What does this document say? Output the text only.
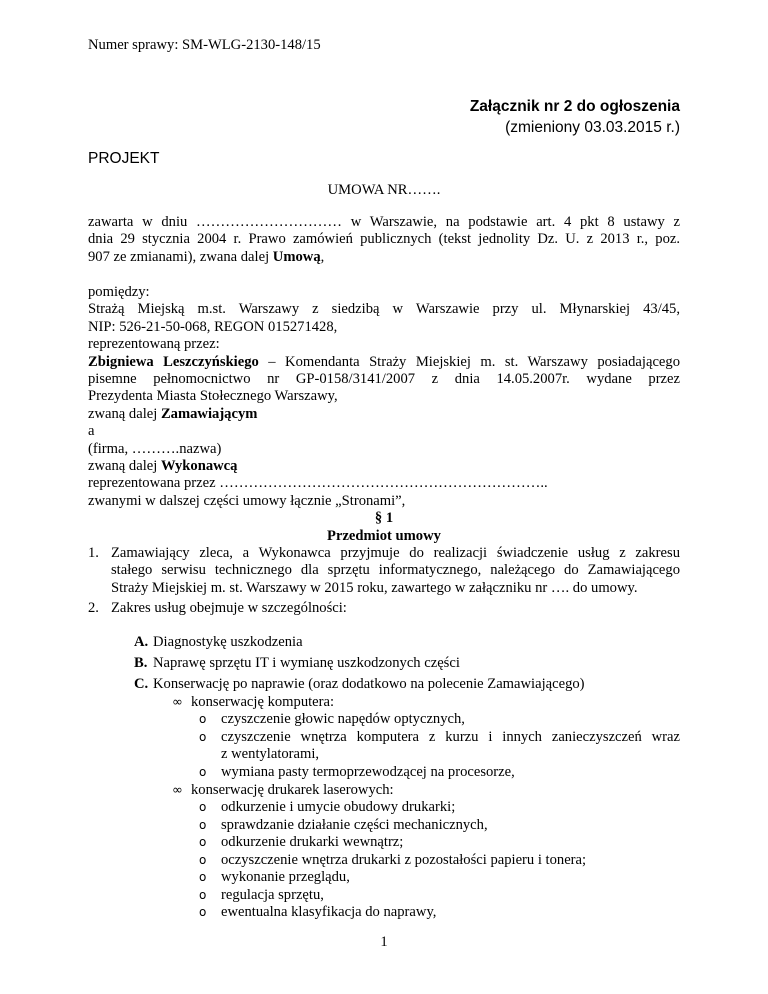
Numer sprawy: SM-WLG-2130-148/15
Załącznik nr 2 do ogłoszenia
(zmieniony 03.03.2015 r.)
PROJEKT
UMOWA NR…….
zawarta w dniu ………………………… w Warszawie, na podstawie art. 4 pkt 8 ustawy z
dnia 29 stycznia 2004 r. Prawo zamówień publicznych (tekst jednolity Dz. U. z 2013 r., poz.
907 ze zmianami), zwana dalej Umową,
pomiędzy:
Strażą Miejską m.st. Warszawy z siedzibą w Warszawie przy ul. Młynarskiej 43/45,
NIP: 526-21-50-068, REGON 015271428,
reprezentowaną przez:
Zbigniewa Leszczyńskiego – Komendanta Straży Miejskiej m. st. Warszawy posiadającego
pisemne pełnomocnictwo nr GP-0158/3141/2007 z dnia 14.05.2007r. wydane przez
Prezydenta Miasta Stołecznego Warszawy,
zwaną dalej Zamawiającym
a
(firma, ……….nazwa)
zwaną dalej Wykonawcą
reprezentowana przez …………………………………………………………..
zwanymi w dalszej części umowy łącznie „Stronami”,
§ 1
Przedmiot umowy
1. Zamawiający zleca, a Wykonawca przyjmuje do realizacji świadczenie usług z zakresu
stałego serwisu technicznego dla sprzętu informatycznego, należącego do Zamawiającego
Straży Miejskiej m. st. Warszawy w 2015 roku, zawartego w załączniku nr …. do umowy.
2. Zakres usług obejmuje w szczególności:
A. Diagnostykę uszkodzenia
B. Naprawę sprzętu IT i wymianę uszkodzonych części
C. Konserwację po naprawie (oraz dodatkowo na polecenie Zamawiającego)
∞ konserwację komputera:
o czyszczenie głowic napędów optycznych,
o czyszczenie wnętrza komputera z kurzu i innych zanieczyszczeń wraz
z wentylatorami,
o wymiana pasty termoprzewodzącej na procesorze,
∞ konserwację drukarek laserowych:
o odkurzenie i umycie obudowy drukarki;
o sprawdzanie działanie części mechanicznych,
o odkurzenie drukarki wewnątrz;
o oczyszczenie wnętrza drukarki z pozostałości papieru i tonera;
o wykonanie przeglądu,
o regulacja sprzętu,
o ewentualna klasyfikacja do naprawy,
1
